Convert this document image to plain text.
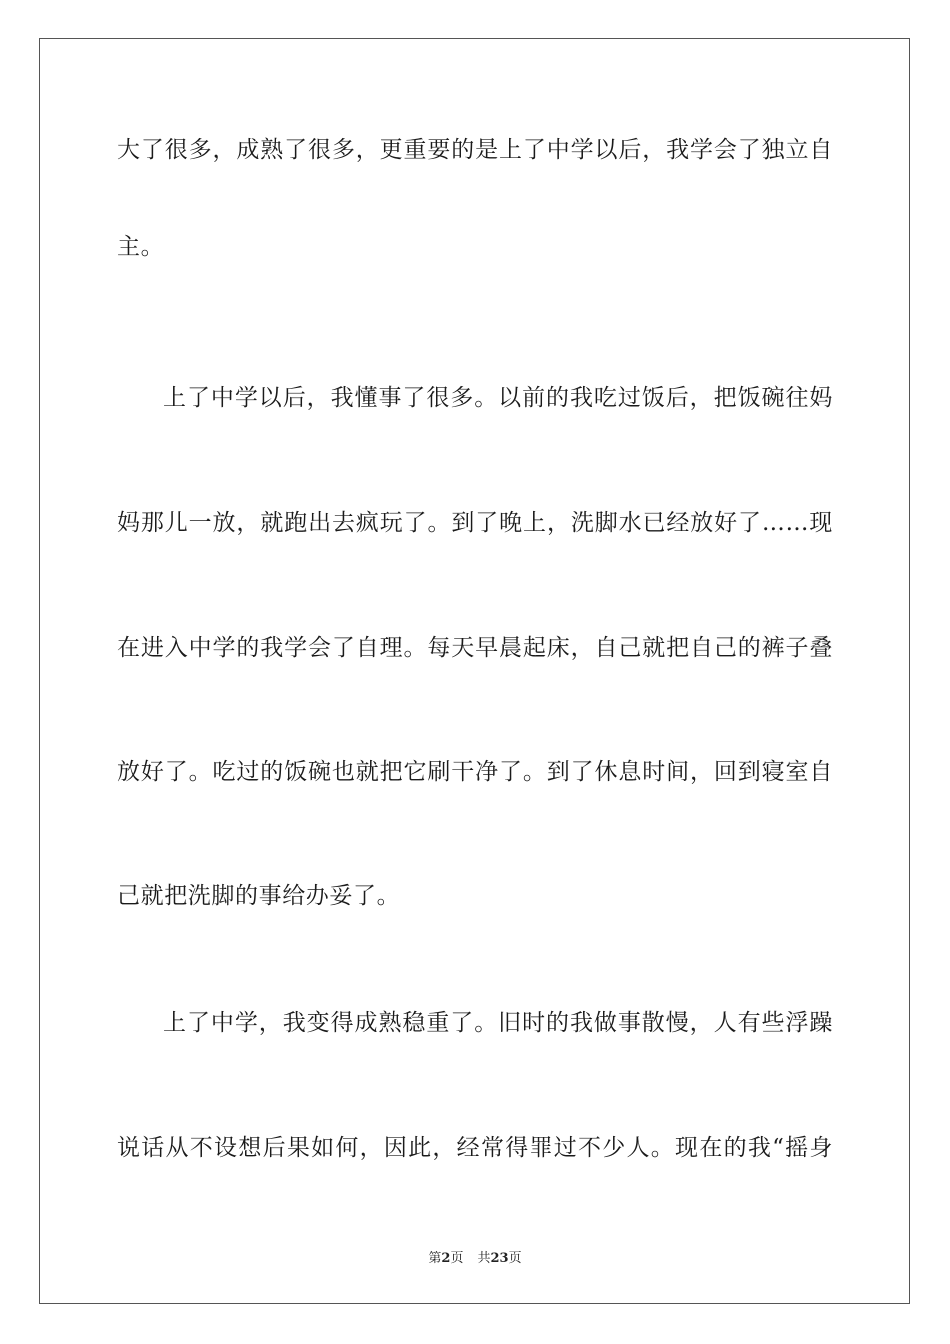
大了很多，成熟了很多，更重要的是上了中学以后，我学会了独立自
主。
上了中学以后，我懂事了很多。以前的我吃过饭后，把饭碗往妈
妈那儿一放，就跑出去疯玩了。到了晚上，洗脚水已经放好了……现
在进入中学的我学会了自理。每天早晨起床，自己就把自己的裤子叠
放好了。吃过的饭碗也就把它刷干净了。到了休息时间，回到寝室自
己就把洗脚的事给办妥了。
上了中学，我变得成熟稳重了。旧时的我做事散慢，人有些浮躁
说话从不设想后果如何，因此，经常得罪过不少人。现在的我“摇身
第2页 共23页
